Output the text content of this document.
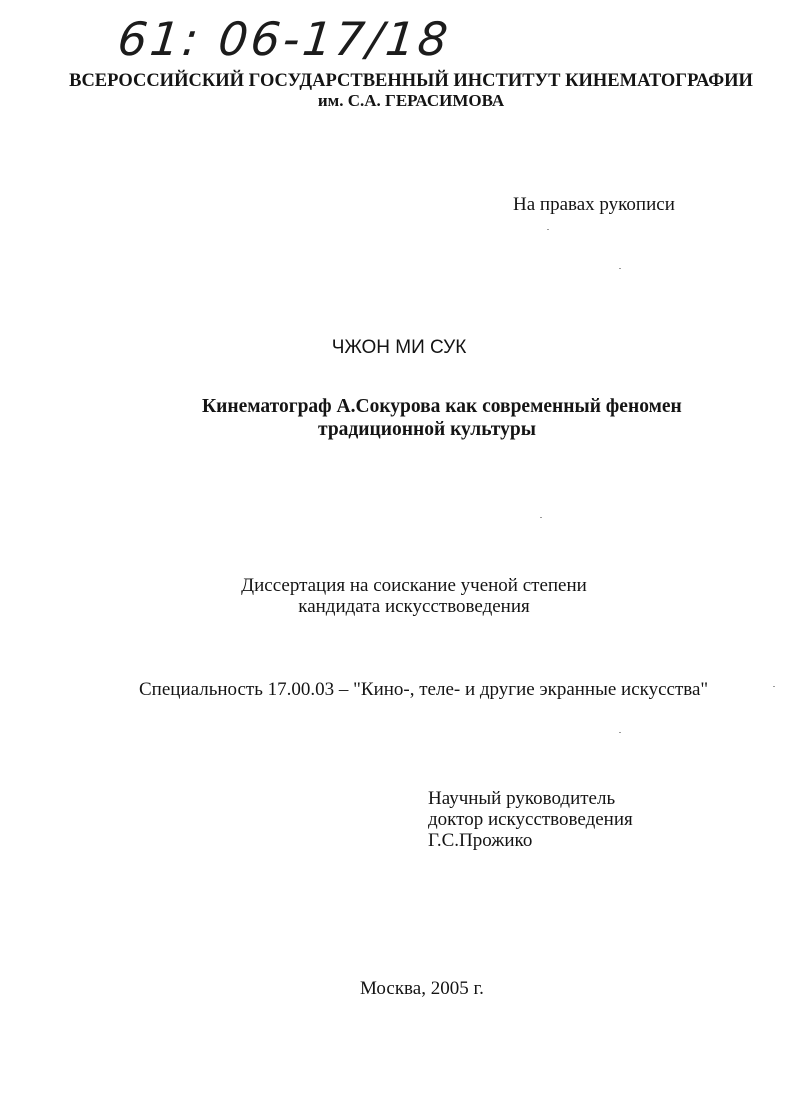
61: 06-17/18
ВСЕРОССИЙСКИЙ ГОСУДАРСТВЕННЫЙ ИНСТИТУТ КИНЕМАТОГРАФИИ
им. С.А. ГЕРАСИМОВА
На правах рукописи
ЧЖОН МИ СУК
Кинематограф А.Сокурова как современный феномен
традиционной культуры
Диссертация на соискание ученой степени
кандидата искусствоведения
Специальность 17.00.03 – "Кино-, теле- и другие экранные искусства"
Научный руководитель
доктор искусствоведения
Г.С.Прожико
Москва, 2005 г.
